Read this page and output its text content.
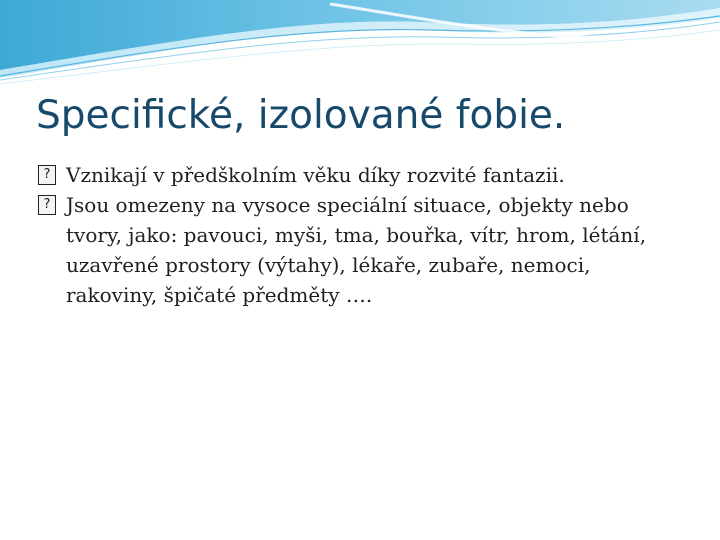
Specifické, izolované fobie.
? Vznikají v předškolním věku díky rozvité fantazii.
? Jsou omezeny na vysoce speciální situace, objekty nebo tvory, jako: pavouci, myši, tma, bouřka, vítr, hrom, létání, uzavřené prostory (výtahy), lékaře, zubaře, nemoci, rakoviny, špičaté předměty ….
